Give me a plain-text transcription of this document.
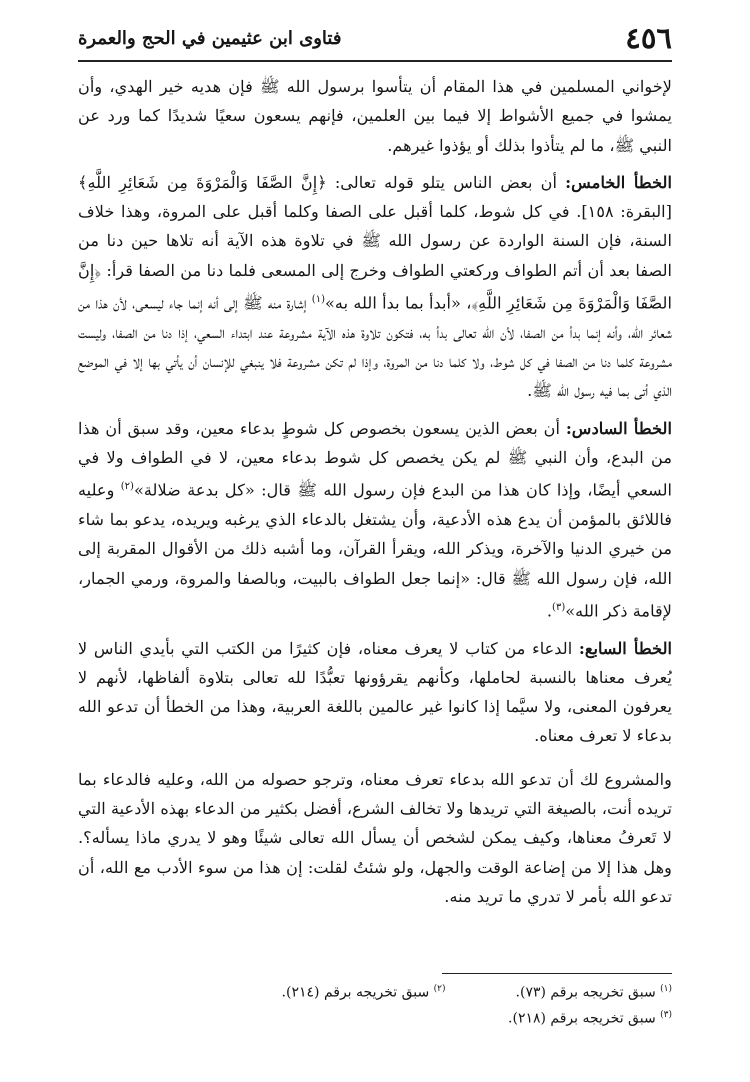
٤٥٦
فتاوى ابن عثيمين في الحج والعمرة

لإخواني المسلمين في هذا المقام أن يتأسوا برسول الله ﷺ فإن هديه خير الهدي، وأن يمشوا في جميع الأشواط إلا فيما بين العلمين، فإنهم يسعون سعيًا شديدًا كما ورد عن النبي ﷺ، ما لم يتأذوا بذلك أو يؤذوا غيرهم.

الخطأ الخامس: أن بعض الناس يتلو قوله تعالى: ﴿إِنَّ الصَّفَا وَالْمَرْوَةَ مِن شَعَائِرِ اللَّهِ﴾ [البقرة: ١٥٨]. في كل شوط، كلما أقبل على الصفا وكلما أقبل على المروة، وهذا خلاف السنة، فإن السنة الواردة عن رسول الله ﷺ في تلاوة هذه الآية أنه تلاها حين دنا من الصفا بعد أن أتم الطواف وركعتي الطواف وخرج إلى المسعى فلما دنا من الصفا قرأ: ﴿إِنَّ الصَّفَا وَالْمَرْوَةَ مِن شَعَائِرِ اللَّهِ﴾، «أبدأ بما بدأ الله به»$^{(١)}$ إشارة منه ﷺ إلى أنه إنما جاء ليسعى، لأن هذا من شعائر الله، وأنه إنما بدأ من الصفا، لأن الله تعالى بدأ به، فتكون تلاوة هذه الآية مشروعة عند ابتداء السعي، إذا دنا من الصفا، وليست مشروعة كلما دنا من الصفا في كل شوط، ولا كلما دنا من المروة، وإذا لم تكن مشروعة فلا ينبغي للإنسان أن يأتي بها إلا في الموضع الذي أتى بما فيه رسول الله ﷺ.

الخطأ السادس: أن بعض الذين يسعون بخصوص كل شوطٍ بدعاء معين، وقد سبق أن هذا من البدع، وأن النبي ﷺ لم يكن يخصص كل شوط بدعاء معين، لا في الطواف ولا في السعي أيضًا، وإذا كان هذا من البدع فإن رسول الله ﷺ قال: «كل بدعة ضلالة»$^{(٢)}$ وعليه فاللائق بالمؤمن أن يدع هذه الأدعية، وأن يشتغل بالدعاء الذي يرغبه ويريده، يدعو بما شاء من خيري الدنيا والآخرة، ويذكر الله، ويقرأ القرآن، وما أشبه ذلك من الأقوال المقربة إلى الله، فإن رسول الله ﷺ قال: «إنما جعل الطواف بالبيت، وبالصفا والمروة، ورمي الجمار، لإقامة ذكر الله»$^{(٣)}$.

الخطأ السابع: الدعاء من كتاب لا يعرف معناه، فإن كثيرًا من الكتب التي بأيدي الناس لا يُعرف معناها بالنسبة لحاملها، وكأنهم يقرؤونها تعبُّدًا لله تعالى بتلاوة ألفاظها، لأنهم لا يعرفون المعنى، ولا سيَّما إذا كانوا غير عالمين باللغة العربية، وهذا من الخطأ أن تدعو الله بدعاء لا تعرف معناه.

والمشروع لك أن تدعو الله بدعاء تعرف معناه، وترجو حصوله من الله، وعليه فالدعاء بما تريده أنت، بالصيغة التي تريدها ولا تخالف الشرع، أفضل بكثير من الدعاء بهذه الأدعية التي لا تَعرفُ معناها، وكيف يمكن لشخص أن يسأل الله تعالى شيئًا وهو لا يدري ماذا يسأله؟. وهل هذا إلا من إضاعة الوقت والجهل، ولو شئتُ لقلت: إن هذا من سوء الأدب مع الله، أن تدعو الله بأمر لا تدري ما تريد منه.

$^{(١)}$ سبق تخريجه برقم (٧٣).
$^{(٢)}$ سبق تخريجه برقم (٢١٤).
$^{(٣)}$ سبق تخريجه برقم (٢١٨).
